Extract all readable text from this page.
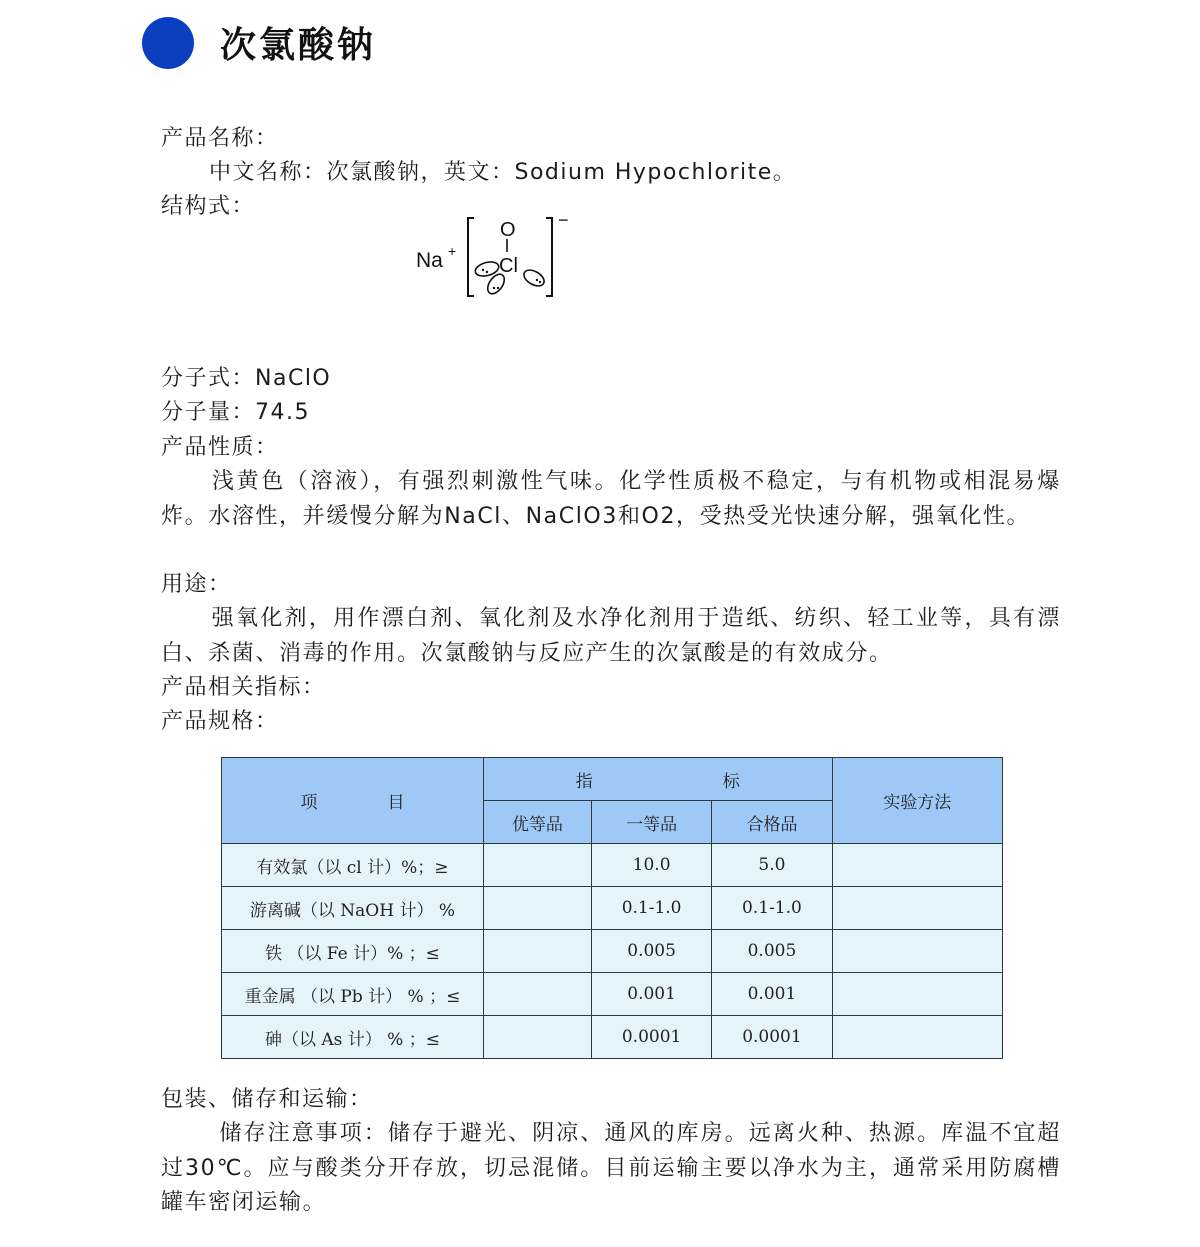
次氯酸钠
产品名称：
中文名称：次氯酸钠，英文：Sodium Hypochlorite。
结构式：
Na +
−
O
Cl
分子式：NaClO
分子量：74.5
产品性质：
浅黄色（溶液），有强烈刺激性气味。化学性质极不稳定，与有机物或相混易爆炸。水溶性，并缓慢分解为NaCl、NaClO3和O2，受热受光快速分解，强氧化性。
用途：
强氧化剂，用作漂白剂、氧化剂及水净化剂用于造纸、纺织、轻工业等，具有漂白、杀菌、消毒的作用。次氯酸钠与反应产生的次氯酸是的有效成分。
产品相关指标：
产品规格：
项 目	指 标			实验方法
	优等品	一等品	合格品	
有效氯（以 cl 计）%；≥		10.0	5.0	
游离碱（以 NaOH 计） %		0.1-1.0	0.1-1.0	
铁 （以 Fe 计）% ；≤		0.005	0.005	
重金属 （以 Pb 计） % ；≤		0.001	0.001	
砷（以 As 计） % ；≤		0.0001	0.0001	
包装、储存和运输：
储存注意事项：储存于避光、阴凉、通风的库房。远离火种、热源。库温不宜超过30℃。应与酸类分开存放，切忌混储。目前运输主要以净水为主，通常采用防腐槽罐车密闭运输。
